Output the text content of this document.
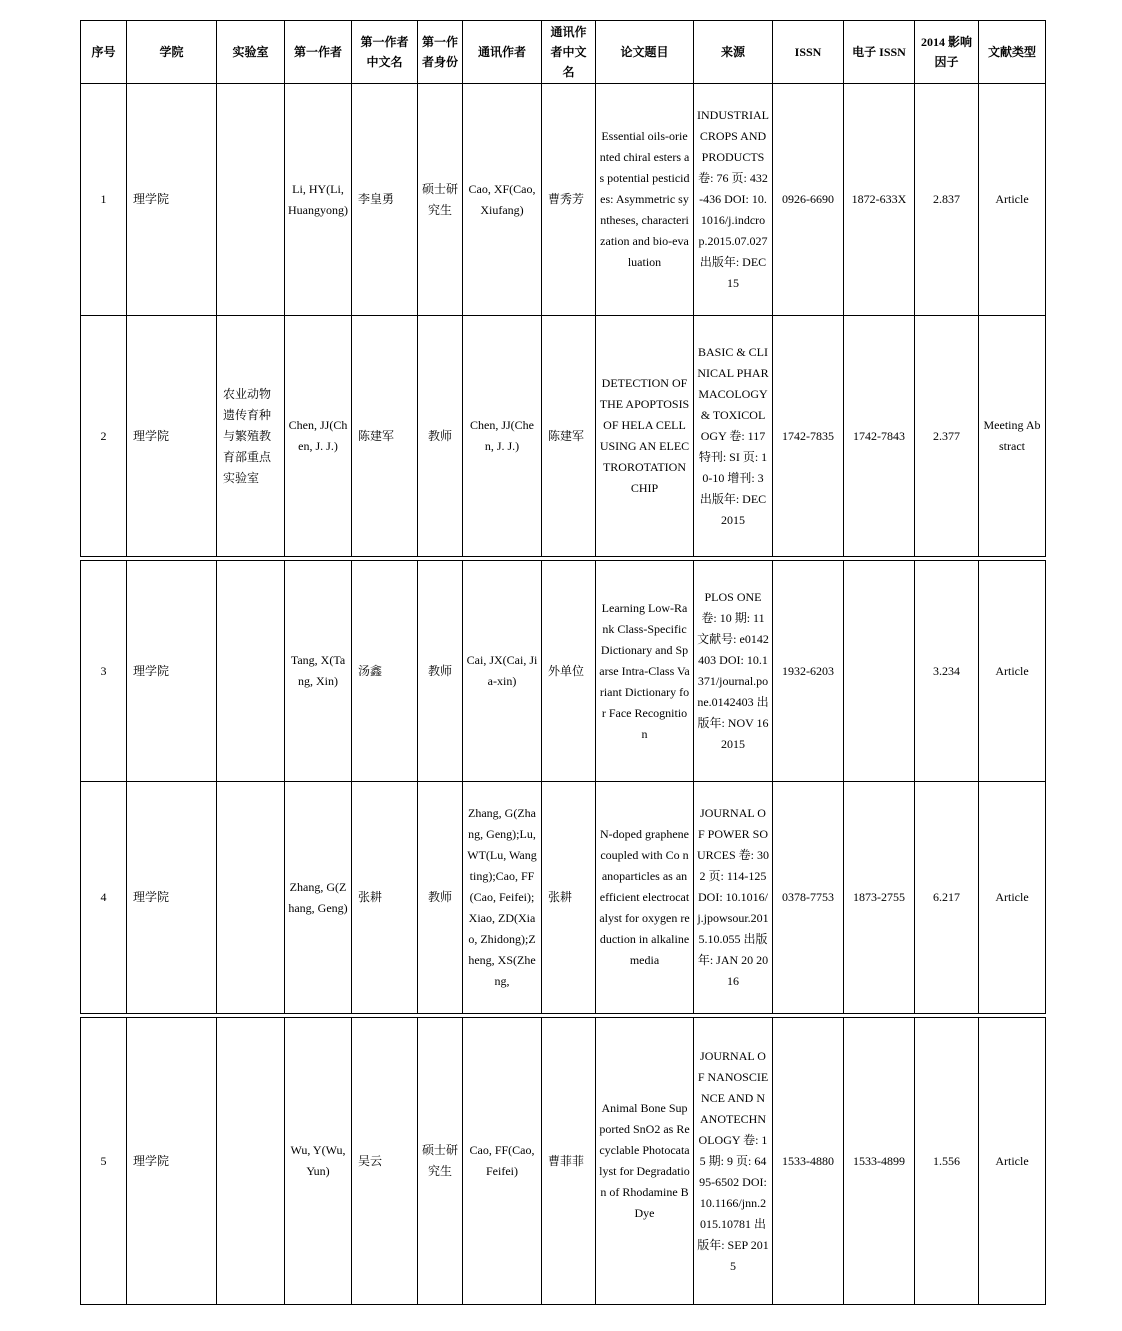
序号	学院	实验室	第一作者	第一作者中文名	第一作者身份	通讯作者	通讯作者中文名	论文题目	来源	ISSN	电子 ISSN	2014 影响因子	文献类型
1	理学院		Li, HY(Li, Huangyong)	李皇勇	硕士研究生	Cao, XF(Cao, Xiufang)	曹秀芳	Essential oils-oriented chiral esters as potential pesticides: Asymmetric syntheses, characterization and bio-evaluation	INDUSTRIAL CROPS AND PRODUCTS 卷: 76 页: 432-436 DOI: 10.1016/j.indcrop.2015.07.027 出版年: DEC 15	0926-6690	1872-633X	2.837	Article
2	理学院	农业动物遗传育种与繁殖教育部重点实验室	Chen, JJ(Chen, J. J.)	陈建军	教师	Chen, JJ(Chen, J. J.)	陈建军	DETECTION OF THE APOPTOSIS OF HELA CELL USING AN ELECTROROTATION CHIP	BASIC & CLINICAL PHARMACOLOGY & TOXICOLOGY 卷: 117 特刊: SI 页: 10-10 增刊: 3 出版年: DEC 2015	1742-7835	1742-7843	2.377	Meeting Abstract

3	理学院		Tang, X(Tang, Xin)	汤鑫	教师	Cai, JX(Cai, Jia-xin)	外单位	Learning Low-Rank Class-Specific Dictionary and Sparse Intra-Class Variant Dictionary for Face Recognition	PLOS ONE 卷: 10 期: 11 文献号: e0142403 DOI: 10.1371/journal.pone.0142403 出版年: NOV 16 2015	1932-6203		3.234	Article
4	理学院		Zhang, G(Zhang, Geng)	张耕	教师	Zhang, G(Zhang, Geng);Lu, WT(Lu, Wangting);Cao, FF(Cao, Feifei);Xiao, ZD(Xiao, Zhidong);Zheng, XS(Zheng,	张耕	N-doped graphene coupled with Co nanoparticles as an efficient electrocatalyst for oxygen reduction in alkaline media	JOURNAL OF POWER SOURCES 卷: 302 页: 114-125 DOI: 10.1016/j.jpowsour.2015.10.055 出版年: JAN 20 2016	0378-7753	1873-2755	6.217	Article

5	理学院		Wu, Y(Wu, Yun)	吴云	硕士研究生	Cao, FF(Cao, Feifei)	曹菲菲	Animal Bone Supported SnO2 as Recyclable Photocatalyst for Degradation of Rhodamine B Dye	JOURNAL OF NANOSCIENCE AND NANOTECHNOLOGY 卷: 15 期: 9 页: 6495-6502 DOI: 10.1166/jnn.2015.10781 出版年: SEP 2015	1533-4880	1533-4899	1.556	Article
